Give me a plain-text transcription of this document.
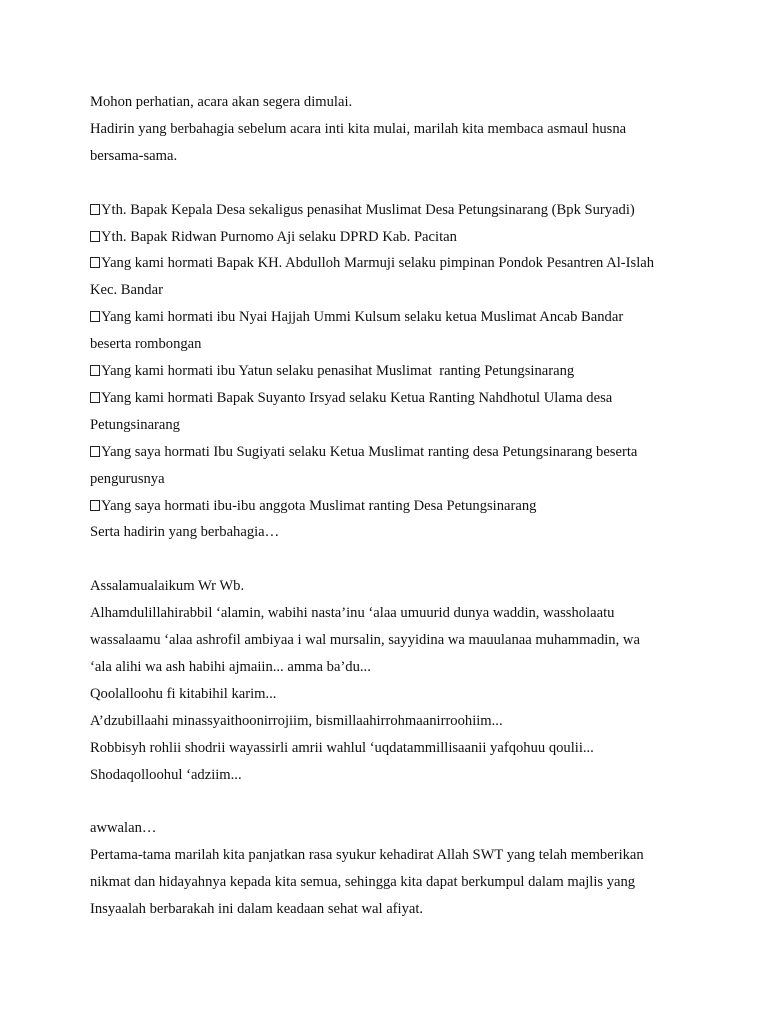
Mohon perhatian, acara akan segera dimulai.
Hadirin yang berbahagia sebelum acara inti kita mulai, marilah kita membaca asmaul husna
bersama-sama.
Yth. Bapak Kepala Desa sekaligus penasihat Muslimat Desa Petungsinarang (Bpk Suryadi)
Yth. Bapak Ridwan Purnomo Aji selaku DPRD Kab. Pacitan
Yang kami hormati Bapak KH. Abdulloh Marmuji selaku pimpinan Pondok Pesantren Al-Islah
Kec. Bandar
Yang kami hormati ibu Nyai Hajjah Ummi Kulsum selaku ketua Muslimat Ancab Bandar
beserta rombongan
Yang kami hormati ibu Yatun selaku penasihat Muslimat  ranting Petungsinarang
Yang kami hormati Bapak Suyanto Irsyad selaku Ketua Ranting Nahdhotul Ulama desa
Petungsinarang
Yang saya hormati Ibu Sugiyati selaku Ketua Muslimat ranting desa Petungsinarang beserta
pengurusnya
Yang saya hormati ibu-ibu anggota Muslimat ranting Desa Petungsinarang
Serta hadirin yang berbahagia…
Assalamualaikum Wr Wb.
Alhamdulillahirabbil ‘alamin, wabihi nasta’inu ‘alaa umuurid dunya waddin, wassholaatu
wassalaamu ‘alaa ashrofil ambiyaa i wal mursalin, sayyidina wa mauulanaa muhammadin, wa
‘ala alihi wa ash habihi ajmaiin... amma ba’du...
Qoolalloohu fi kitabihil karim...
A’dzubillaahi minassyaithoonirrojiim, bismillaahirrohmaanirroohiim...
Robbisyh rohlii shodrii wayassirli amrii wahlul ‘uqdatammillisaanii yafqohuu qoulii...
Shodaqolloohul ‘adziim...
awwalan…
Pertama-tama marilah kita panjatkan rasa syukur kehadirat Allah SWT yang telah memberikan
nikmat dan hidayahnya kepada kita semua, sehingga kita dapat berkumpul dalam majlis yang
Insyaalah berbarakah ini dalam keadaan sehat wal afiyat.
